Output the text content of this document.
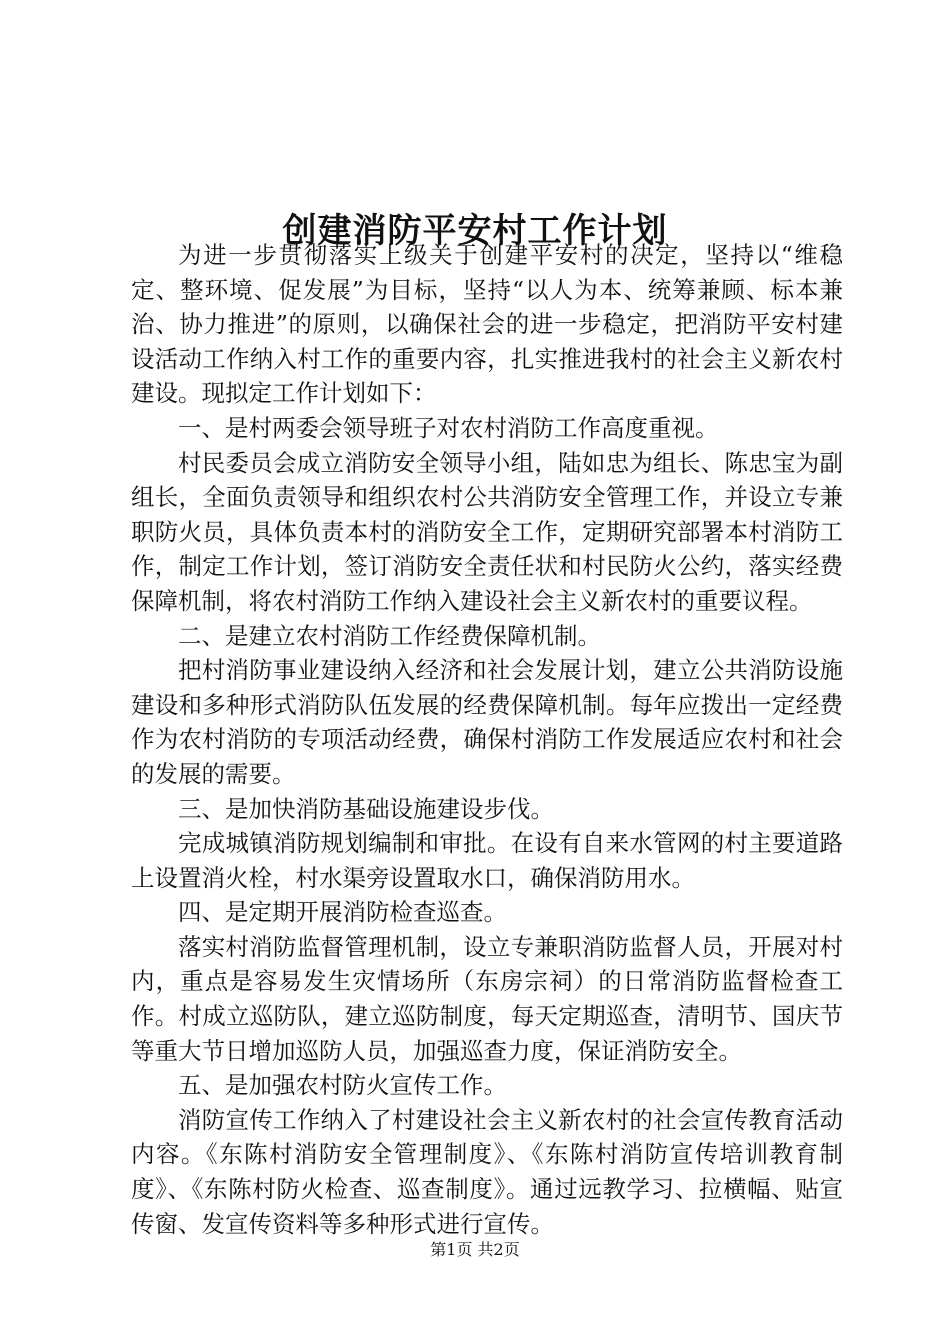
创建消防平安村工作计划

为进一步贯彻落实上级关于创建平安村的决定，坚持以“维稳定、整环境、促发展”为目标，坚持“以人为本、统筹兼顾、标本兼治、协力推进”的原则，以确保社会的进一步稳定，把消防平安村建设活动工作纳入村工作的重要内容，扎实推进我村的社会主义新农村建设。现拟定工作计划如下：

一、是村两委会领导班子对农村消防工作高度重视。

村民委员会成立消防安全领导小组，陆如忠为组长、陈忠宝为副组长，全面负责领导和组织农村公共消防安全管理工作，并设立专兼职防火员，具体负责本村的消防安全工作，定期研究部署本村消防工作，制定工作计划，签订消防安全责任状和村民防火公约，落实经费保障机制，将农村消防工作纳入建设社会主义新农村的重要议程。

二、是建立农村消防工作经费保障机制。

把村消防事业建设纳入经济和社会发展计划，建立公共消防设施建设和多种形式消防队伍发展的经费保障机制。每年应拨出一定经费作为农村消防的专项活动经费，确保村消防工作发展适应农村和社会的发展的需要。

三、是加快消防基础设施建设步伐。

完成城镇消防规划编制和审批。在设有自来水管网的村主要道路上设置消火栓，村水渠旁设置取水口，确保消防用水。

四、是定期开展消防检查巡查。

落实村消防监督管理机制，设立专兼职消防监督人员，开展对村内，重点是容易发生灾情场所（东房宗祠）的日常消防监督检查工作。村成立巡防队，建立巡防制度，每天定期巡查，清明节、国庆节等重大节日增加巡防人员，加强巡查力度，保证消防安全。

五、是加强农村防火宣传工作。

消防宣传工作纳入了村建设社会主义新农村的社会宣传教育活动内容。《东陈村消防安全管理制度》、《东陈村消防宣传培训教育制度》、《东陈村防火检查、巡查制度》。通过远教学习、拉横幅、贴宣传窗、发宣传资料等多种形式进行宣传。

第1页 共2页
